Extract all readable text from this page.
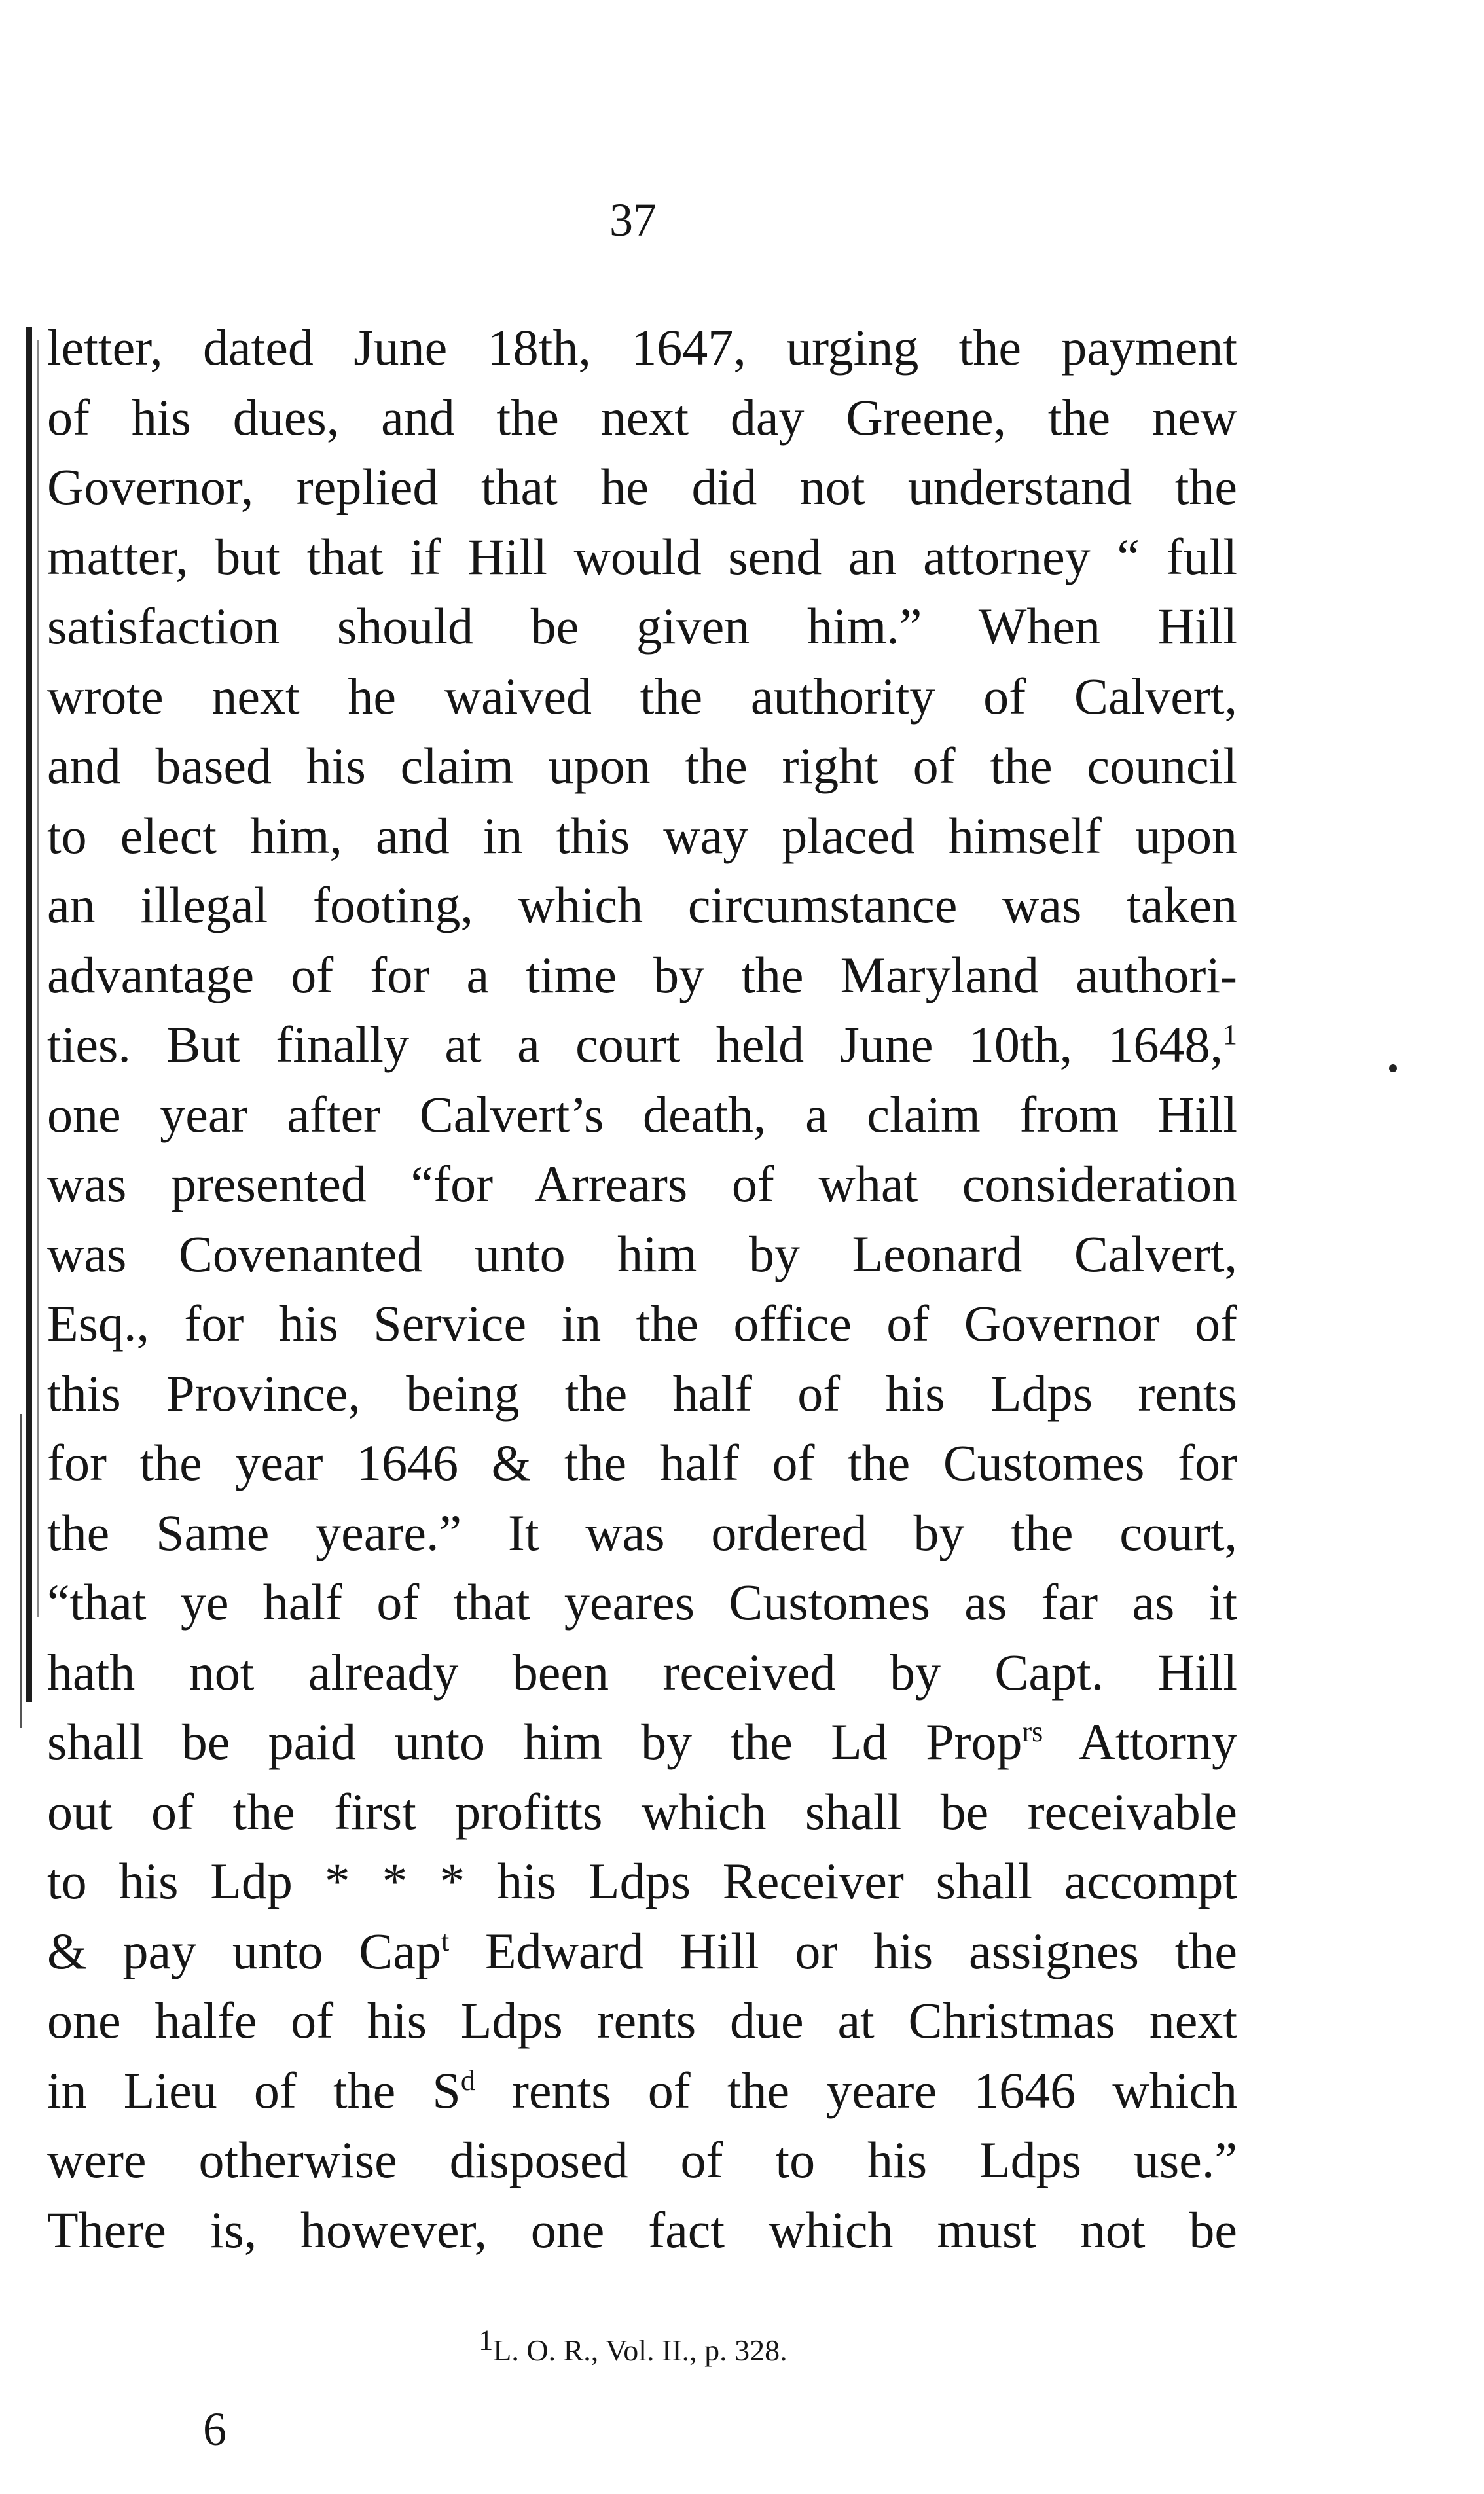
37
letter, dated June 18th, 1647, urging the payment
of his dues, and the next day Greene, the new
Governor, replied that he did not understand the
matter, but that if Hill would send an attorney “ full
satisfaction should be given him.” When Hill
wrote next he waived the authority of Calvert,
and based his claim upon the right of the council
to elect him, and in this way placed himself upon
an illegal footing, which circumstance was taken
advantage of for a time by the Maryland authori-
ties. But finally at a court held June 10th, 1648,$^1$
one year after Calvert’s death, a claim from Hill
was presented “for Arrears of what consideration
was Covenanted unto him by Leonard Calvert,
Esq., for his Service in the office of Governor of
this Province, being the half of his Ldps rents
for the year 1646 & the half of the Customes for
the Same yeare.” It was ordered by the court,
“that ye half of that yeares Customes as far as it
hath not already been received by Capt. Hill
shall be paid unto him by the Ld Prop$^{rs}$ Attorny
out of the first profitts which shall be receivable
to his Ldp * * * his Ldps Receiver shall accompt
& pay unto Cap$^t$ Edward Hill or his assignes the
one halfe of his Ldps rents due at Christmas next
in Lieu of the $S^d$ rents of the yeare 1646 which
were otherwise disposed of to his Ldps use.”
There is, however, one fact which must not be
$^1$L. O. R., Vol. II., p. 328.
6
